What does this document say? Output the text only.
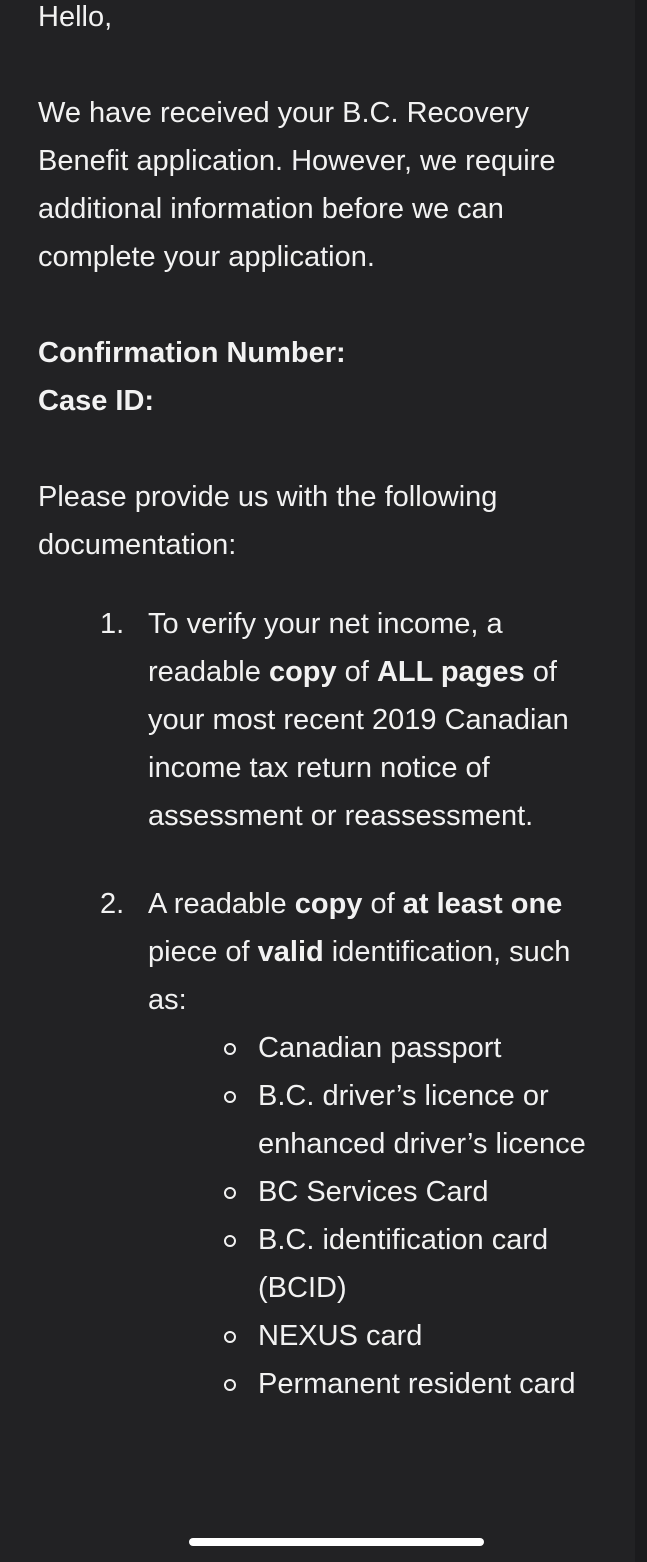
Hello,

We have received your B.C. Recovery Benefit application. However, we require additional information before we can complete your application.

Confirmation Number:

Case ID:

Please provide us with the following documentation:

1. To verify your net income, a readable copy of ALL pages of your most recent 2019 Canadian income tax return notice of assessment or reassessment.
2. A readable copy of at least one piece of valid identification, such as:
Canadian passport
B.C. driver’s licence or enhanced driver’s licence
BC Services Card
B.C. identification card (BCID)
NEXUS card
Permanent resident card
